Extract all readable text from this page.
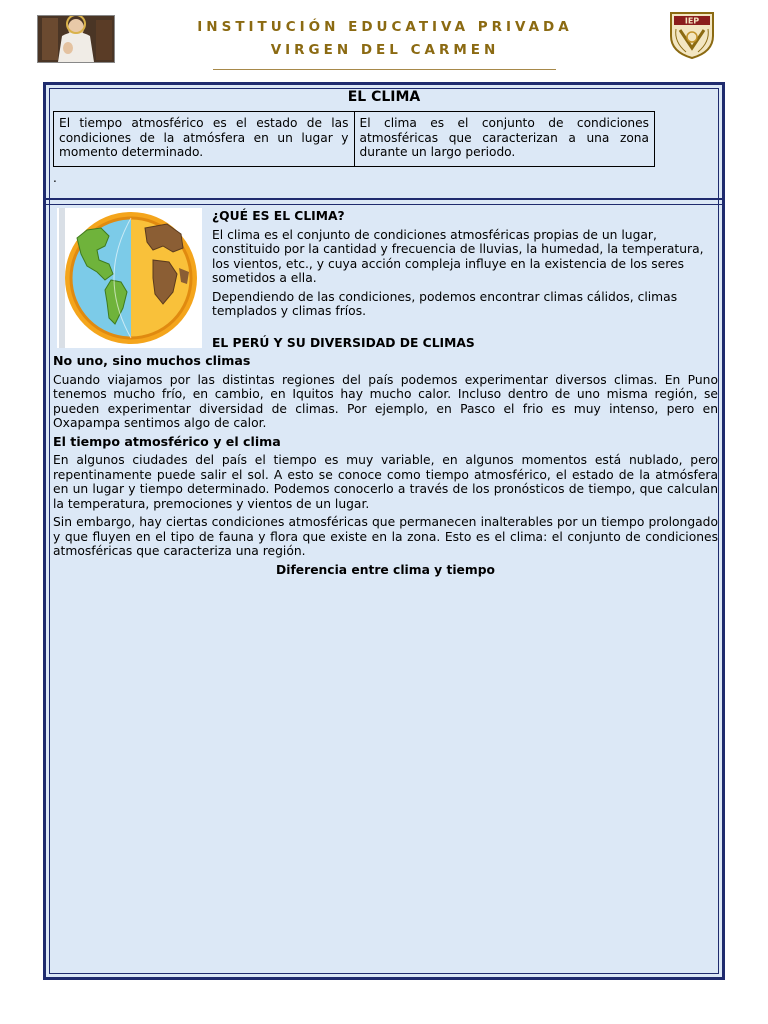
INSTITUCIÓN EDUCATIVA PRIVADA
VIRGEN DEL CARMEN
IEP
EL CLIMA
El tiempo atmosférico es el estado de las condiciones de la atmósfera en un lugar y momento determinado.	El clima es el conjunto de condiciones atmosféricas que caracterizan a una zona durante un largo periodo.
.
¿QUÉ ES EL CLIMA?
El clima es el conjunto de condiciones atmosféricas propias de un lugar, constituido por la cantidad y frecuencia de lluvias, la humedad, la temperatura, los vientos, etc., y cuya acción compleja influye en la existencia de los seres sometidos a ella.
Dependiendo de las condiciones, podemos encontrar climas cálidos, climas templados y climas fríos.
EL PERÚ Y SU DIVERSIDAD DE CLIMAS
No uno, sino muchos climas
Cuando viajamos por las distintas regiones del país podemos experimentar diversos climas. En Puno tenemos mucho frío, en cambio, en Iquitos hay mucho calor. Incluso dentro de uno misma región, se pueden experimentar diversidad de climas. Por ejemplo, en Pasco el frio es muy intenso, pero en Oxapampa sentimos algo de calor.
El tiempo atmosférico y el clima
En algunos ciudades del país el tiempo es muy variable, en algunos momentos está nublado, pero repentinamente puede salir el sol. A esto se conoce como tiempo atmosférico, el estado de la atmósfera en un lugar y tiempo determinado. Podemos conocerlo a través de los pronósticos de tiempo, que calculan la temperatura, premociones y vientos de un lugar.
Sin embargo, hay ciertas condiciones atmosféricas que permanecen inalterables por un tiempo prolongado y que fluyen en el tipo de fauna y flora que existe en la zona. Esto es el clima: el conjunto de condiciones atmosféricas que caracteriza una región.
Diferencia entre clima y tiempo
